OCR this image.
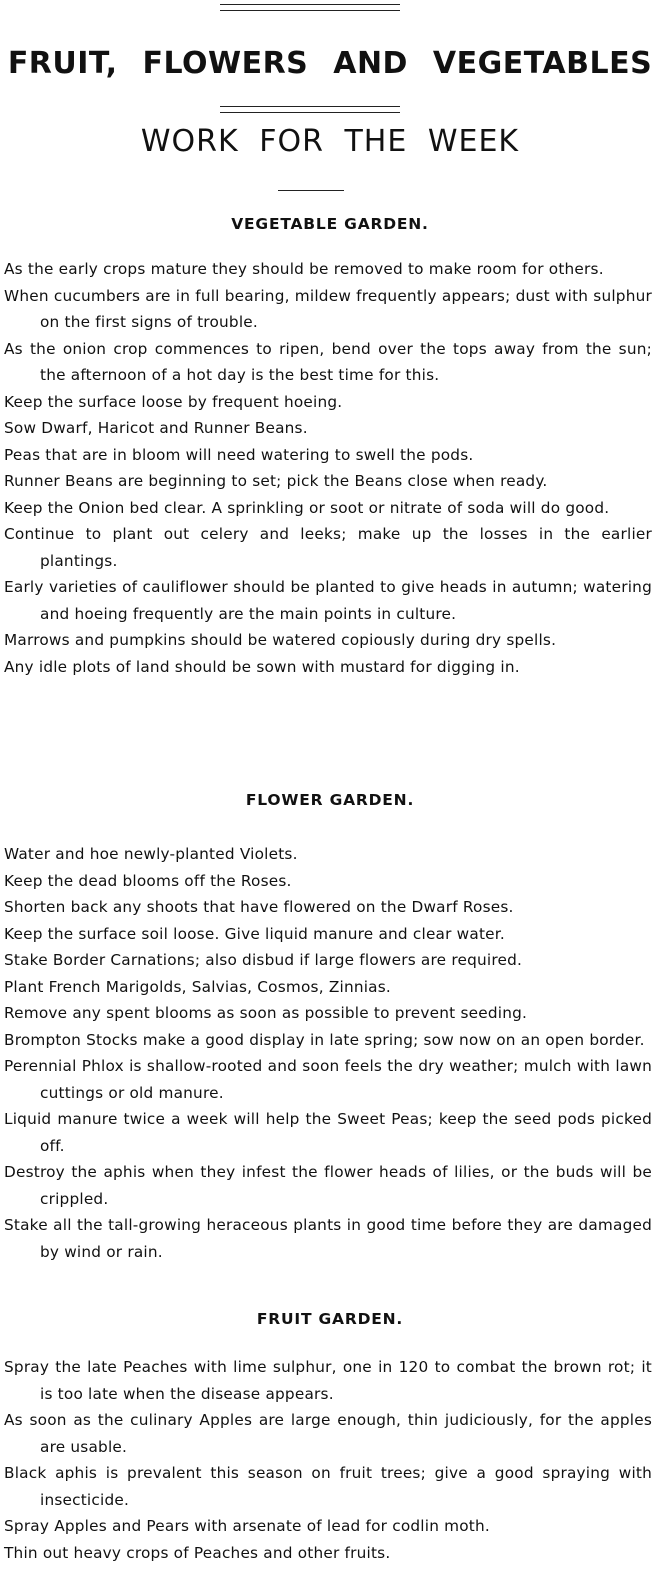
FRUIT, FLOWERS AND VEGETABLES
WORK FOR THE WEEK
VEGETABLE GARDEN.

As the early crops mature they should be removed to make room for others.

When cucumbers are in full bearing, mildew frequently appears; dust with sulphur on the first signs of trouble.

As the onion crop commences to ripen, bend over the tops away from the sun; the afternoon of a hot day is the best time for this.

Keep the surface loose by frequent hoeing.

Sow Dwarf, Haricot and Runner Beans.

Peas that are in bloom will need watering to swell the pods.

Runner Beans are beginning to set; pick the Beans close when ready.

Keep the Onion bed clear. A sprinkling or soot or nitrate of soda will do good.

Continue to plant out celery and leeks; make up the losses in the earlier plantings.

Early varieties of cauliflower should be planted to give heads in autumn; watering and hoeing frequently are the main points in culture.

Marrows and pumpkins should be watered copiously during dry spells.

Any idle plots of land should be sown with mustard for digging in.

FLOWER GARDEN.

Water and hoe newly-planted Violets.

Keep the dead blooms off the Roses.

Shorten back any shoots that have flowered on the Dwarf Roses.

Keep the surface soil loose. Give liquid manure and clear water.

Stake Border Carnations; also disbud if large flowers are required.

Plant French Marigolds, Salvias, Cosmos, Zinnias.

Remove any spent blooms as soon as possible to prevent seeding.

Brompton Stocks make a good display in late spring; sow now on an open border.

Perennial Phlox is shallow-rooted and soon feels the dry weather; mulch with lawn cuttings or old manure.

Liquid manure twice a week will help the Sweet Peas; keep the seed pods picked off.

Destroy the aphis when they infest the flower heads of lilies, or the buds will be crippled.

Stake all the tall-growing heraceous plants in good time before they are damaged by wind or rain.

FRUIT GARDEN.

Spray the late Peaches with lime sulphur, one in 120 to combat the brown rot; it is too late when the disease appears.

As soon as the culinary Apples are large enough, thin judiciously, for the apples are usable.

Black aphis is prevalent this season on fruit trees; give a good spraying with insecticide.

Spray Apples and Pears with arsenate of lead for codlin moth.

Thin out heavy crops of Peaches and other fruits.
